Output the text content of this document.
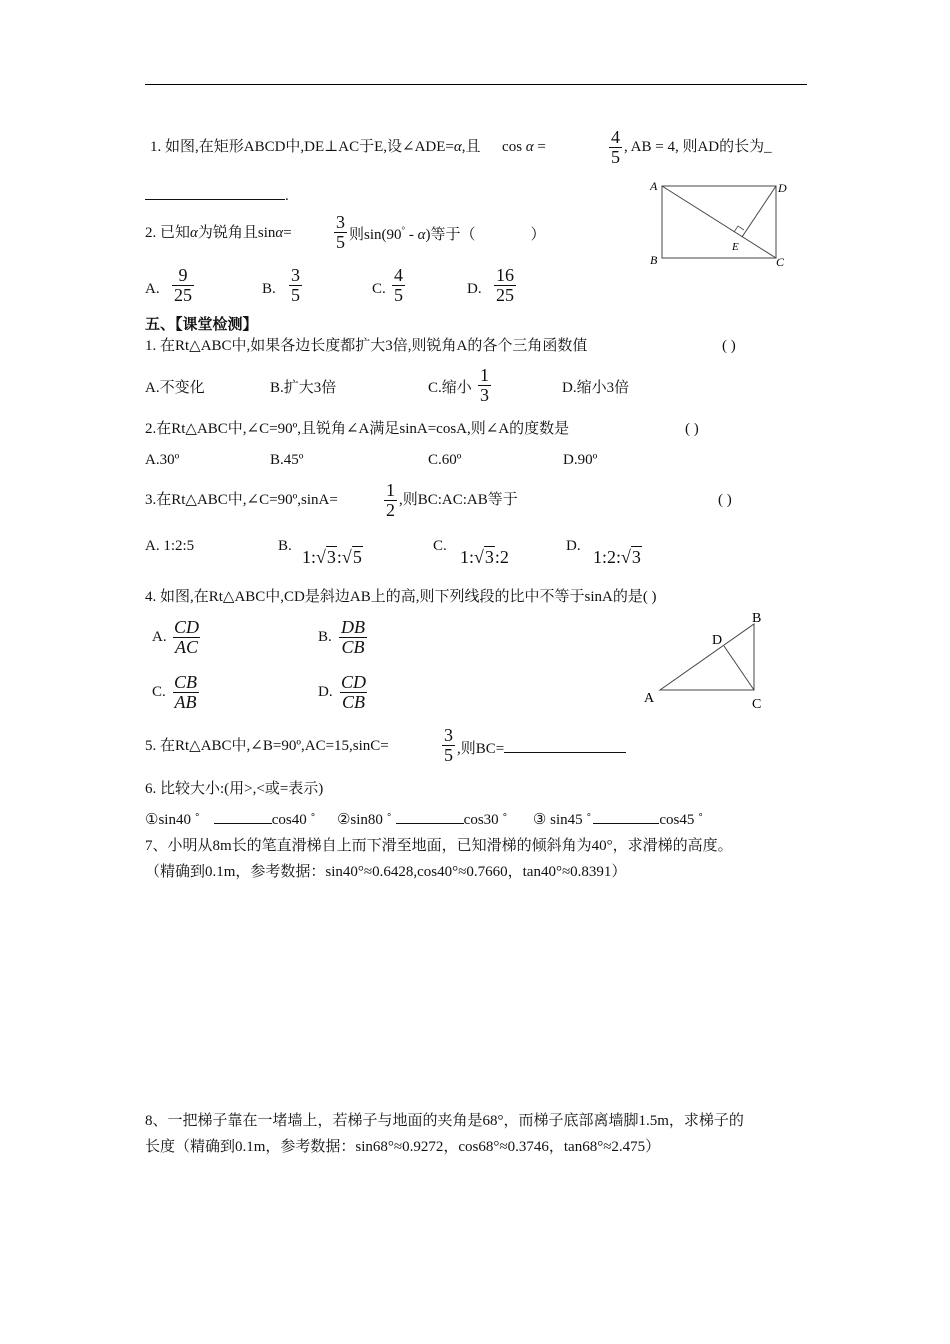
1. 如图,在矩形ABCD中,DE⊥AC于E,设∠ADE=α,且 cos α =	$\frac{4}{5}$ , AB = 4, 则AD的长为_
.
A	D
B	C
E
2. 已知α为锐角且$\sin\alpha= \frac{3}{5}$ 则sin(90° - α)等于（	）
A. $\frac{9}{25}$	B. $\frac{3}{5}$	C. $\frac{4}{5}$	D. $\frac{16}{25}$
五、【课堂检测】
1. 在Rt△ABC中,如果各边长度都扩大3倍,则锐角A的各个三角函数值	( )
A.不变化	B.扩大3倍	C.缩小 $\frac{1}{3}$	D.缩小3倍
2.在Rt△ABC中,∠C=90º,且锐角∠A满足sinA=cosA,则∠A的度数是	( )
A.30º	B.45º	C.60º	D.90º
3.在Rt△ABC中,∠C=90º,sinA=	$\frac{1}{2}$ ,则BC:AC:AB等于	( )
A. 1:2:5	B.
1:√3:√5
C.
1:√3:2
D.
1:2:√3
4. 如图,在Rt△ABC中,CD是斜边AB上的高,则下列线段的比中不等于sinA的是( )
A. $\frac{CD}{AC}$	B. $\frac{DB}{CB}$
C. $\frac{CB}{AB}$	D. $\frac{CD}{CB}$	A
B
C
D
5. 在Rt△ABC中,∠B=90º,AC=15,sinC=	$\frac{3}{5}$ ,则BC=
6. 比较大小:(用>,<或=表示)
①sin40 ˚	cos40 ˚ ②sin80 ˚	cos30 ˚ ③ sin45 ˚	cos45 ˚
7、小明从8m长的笔直滑梯自上而下滑至地面，已知滑梯的倾斜角为40°，求滑梯的高度。
（精确到0.1m，参考数据：sin40°≈0.6428,cos40°≈0.7660，tan40°≈0.8391）
8、一把梯子靠在一堵墙上，若梯子与地面的夹角是68°，而梯子底部离墙脚1.5m，求梯子的
长度（精确到0.1m，参考数据：sin68°≈0.9272，cos68°≈0.3746，tan68°≈2.475）
